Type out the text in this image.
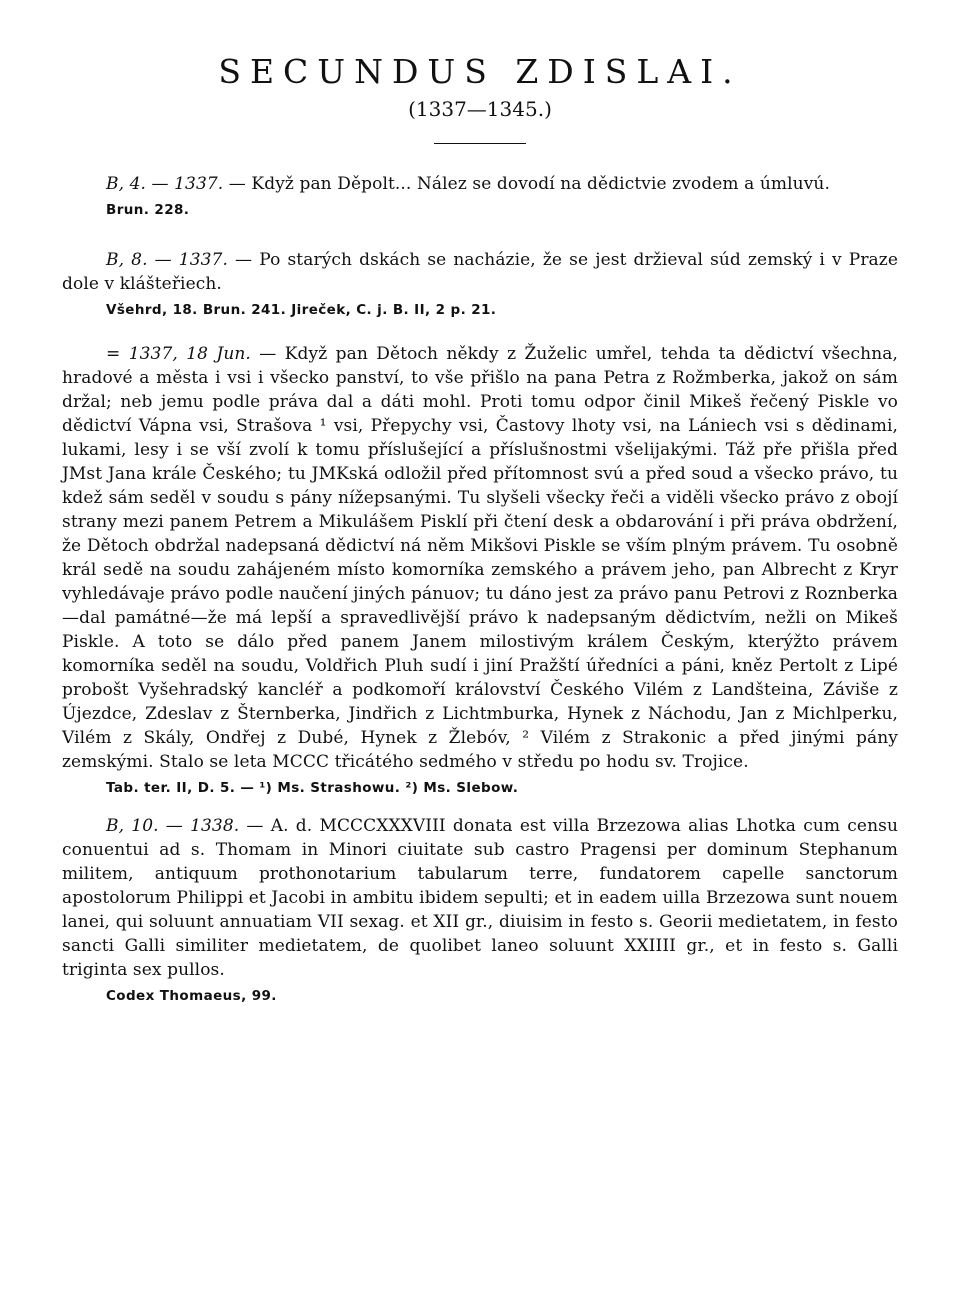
SECUNDUS ZDISLAI.
(1337—1345.)

B, 4. — 1337. — Když pan Děpolt... Nález se dovodí na dědictvie zvodem a úmluvú.

Brun. 228.

B, 8. — 1337. — Po starých dskách se nacházie, že se jest držieval súd zemský i v Praze dole v klášteřiech.

Všehrd, 18. Brun. 241. Jireček, C. j. B. II, 2 p. 21.

= 1337, 18 Jun. — Když pan Dětoch někdy z Žuželic umřel, tehda ta dědictví všechna, hradové a města i vsi i všecko panství, to vše přišlo na pana Petra z Rožmberka, jakož on sám držal; neb jemu podle práva dal a dáti mohl. Proti tomu odpor činil Mikeš řečený Piskle vo dědictví Vápna vsi, Strašova ¹ vsi, Přepychy vsi, Častovy lhoty vsi, na Lániech vsi s dědinami, lukami, lesy i se vší zvolí k tomu příslušející a příslušnostmi všelijakými. Táž pře přišla před JMst Jana krále Českého; tu JMKská odložil před přítomnost svú a před soud a všecko právo, tu kdež sám seděl v soudu s pány nížepsanými. Tu slyšeli všecky řeči a viděli všecko právo z obojí strany mezi panem Petrem a Mikulášem Pisklí při čtení desk a obdarování i při práva obdržení, že Dětoch obdržal nadepsaná dědictví ná něm Mikšovi Piskle se vším plným právem. Tu osobně král sedě na soudu zahájeném místo komorníka zemského a právem jeho, pan Albrecht z Kryr vyhledávaje právo podle naučení jiných pánuov; tu dáno jest za právo panu Petrovi z Roznberka—dal památné—že má lepší a spravedlivější právo k nadepsaným dědictvím, nežli on Mikeš Piskle. A toto se dálo před panem Janem milostivým králem Českým, kterýžto právem komorníka seděl na soudu, Voldřich Pluh sudí i jiní Pražští úředníci a páni, kněz Pertolt z Lipé probošt Vyšehradský kancléř a podkomoří království Českého Vilém z Landšteina, Záviše z Újezdce, Zdeslav z Šternberka, Jindřich z Lichtmburka, Hynek z Náchodu, Jan z Michlperku, Vilém z Skály, Ondřej z Dubé, Hynek z Žlebóv, ² Vilém z Strakonic a před jinými pány zemskými. Stalo se leta MCCC třicátého sedmého v středu po hodu sv. Trojice.

Tab. ter. II, D. 5. — ¹) Ms. Strashowu. ²) Ms. Slebow.

B, 10. — 1338. — A. d. MCCCXXXVIII donata est villa Brzezowa alias Lhotka cum censu conuentui ad s. Thomam in Minori ciuitate sub castro Pragensi per dominum Stephanum militem, antiquum prothonotarium tabularum terre, fundatorem capelle sanctorum apostolorum Philippi et Jacobi in ambitu ibidem sepulti; et in eadem uilla Brzezowa sunt nouem lanei, qui soluunt annuatiam VII sexag. et XII gr., diuisim in festo s. Georii medietatem, in festo sancti Galli similiter medietatem, de quolibet laneo soluunt XXIIII gr., et in festo s. Galli triginta sex pullos.

Codex Thomaeus, 99.
